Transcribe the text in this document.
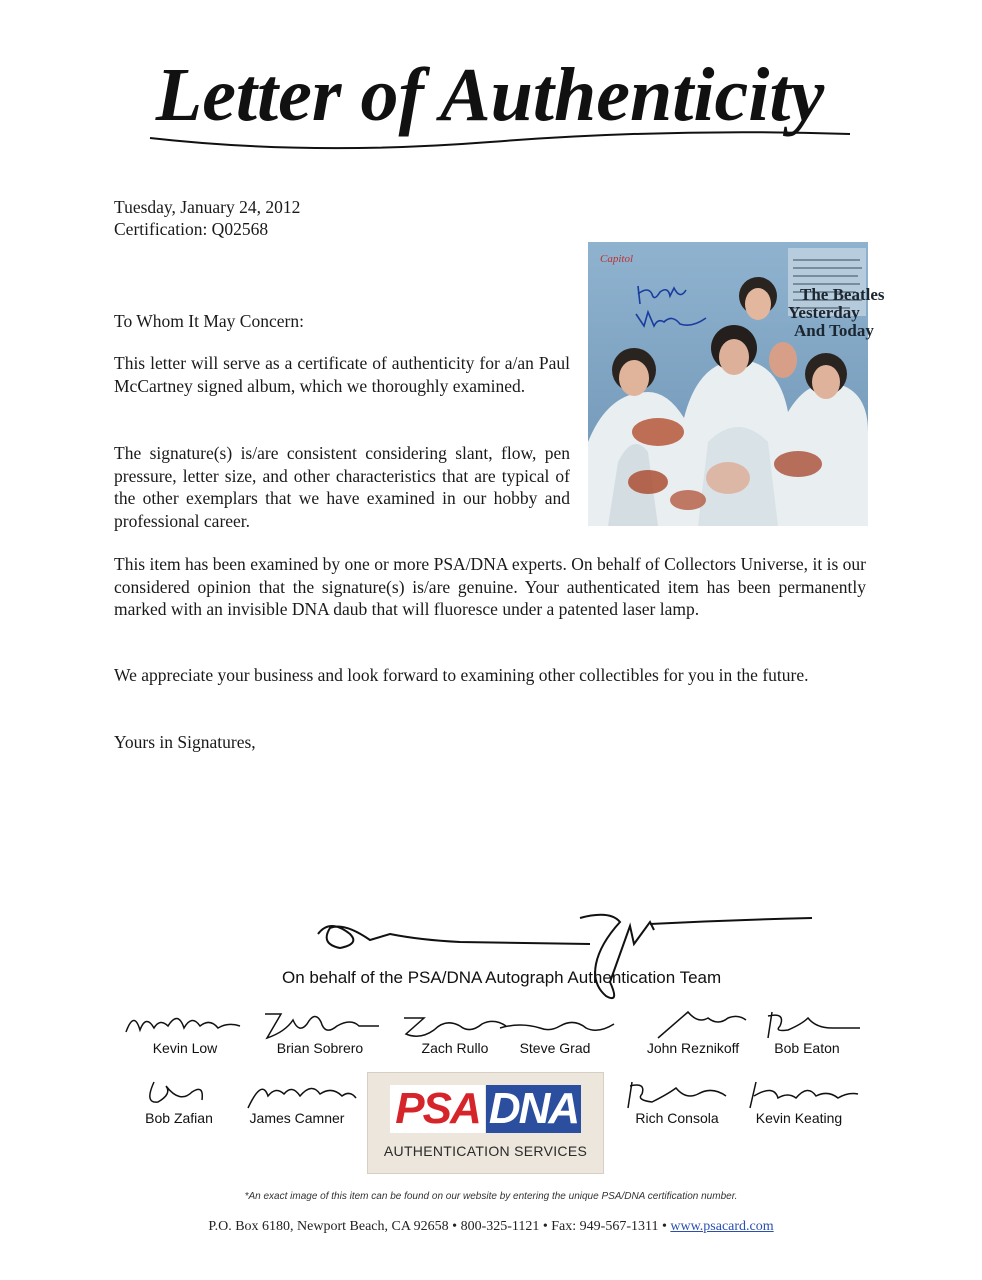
Letter of Authenticity
Tuesday, January 24, 2012
Certification: Q02568
Capitol
The Beatles
Yesterday
And Today
To Whom It May Concern:
This letter will serve as a certificate of authenticity for a/an Paul McCartney signed album, which we thoroughly examined.
The signature(s) is/are consistent considering slant, flow, pen pressure, letter size, and other characteristics that are typical of the other exemplars that we have examined in our hobby and professional career.
This item has been examined by one or more PSA/DNA experts. On behalf of Collectors Universe, it is our considered opinion that the signature(s) is/are genuine. Your authenticated item has been permanently marked with an invisible DNA daub that will fluoresce under a patented laser lamp.
We appreciate your business and look forward to examining other collectibles for you in the future.
Yours in Signatures,
On behalf of the PSA/DNA Autograph Authentication Team
Kevin Low	Brian Sobrero	Zach Rullo	Steve Grad	John Reznikoff	Bob Eaton
Bob Zafian	James Camner	Rich Consola	Kevin Keating
PSA DNA
AUTHENTICATION SERVICES
*An exact image of this item can be found on our website by entering the unique PSA/DNA certification number.
P.O. Box 6180, Newport Beach, CA 92658 • 800-325-1121 • Fax: 949-567-1311 • www.psacard.com
